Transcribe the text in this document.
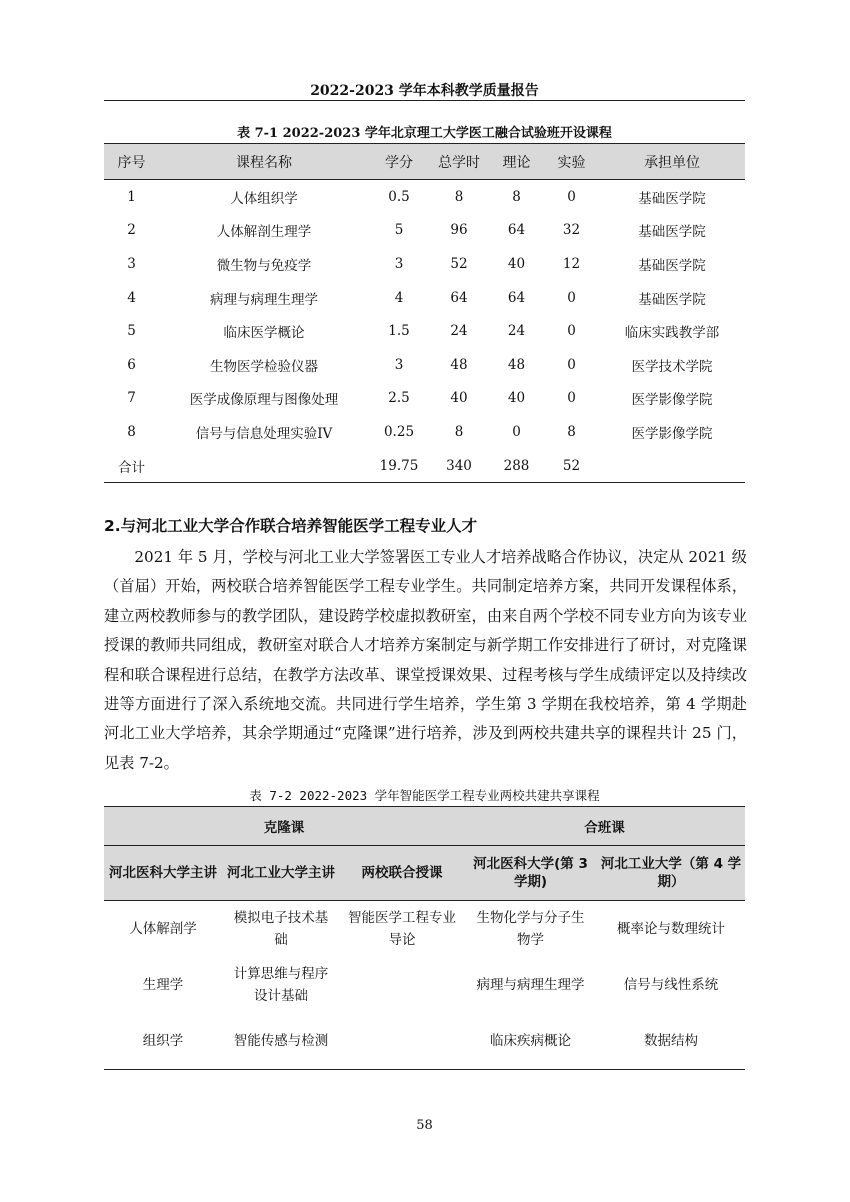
2022-2023 学年本科教学质量报告
表 7-1 2022-2023 学年北京理工大学医工融合试验班开设课程
序号	课程名称	学分	总学时	理论	实验	承担单位
1	人体组织学	0.5	8	8	0	基础医学院
2	人体解剖生理学	5	96	64	32	基础医学院
3	微生物与免疫学	3	52	40	12	基础医学院
4	病理与病理生理学	4	64	64	0	基础医学院
5	临床医学概论	1.5	24	24	0	临床实践教学部
6	生物医学检验仪器	3	48	48	0	医学技术学院
7	医学成像原理与图像处理	2.5	40	40	0	医学影像学院
8	信号与信息处理实验IV	0.25	8	0	8	医学影像学院
合计		19.75	340	288	52	
2.与河北工业大学合作联合培养智能医学工程专业人才

2021 年 5 月，学校与河北工业大学签署医工专业人才培养战略合作协议，决定从 2021 级（首届）开始，两校联合培养智能医学工程专业学生。共同制定培养方案，共同开发课程体系，建立两校教师参与的教学团队，建设跨学校虚拟教研室，由来自两个学校不同专业方向为该专业授课的教师共同组成，教研室对联合人才培养方案制定与新学期工作安排进行了研讨，对克隆课程和联合课程进行总结，在教学方法改革、课堂授课效果、过程考核与学生成绩评定以及持续改进等方面进行了深入系统地交流。共同进行学生培养，学生第 3 学期在我校培养，第 4 学期赴河北工业大学培养，其余学期通过“克隆课”进行培养，涉及到两校共建共享的课程共计 25 门，见表 7-2。

表 7-2 2022-2023 学年智能医学工程专业两校共建共享课程
克隆课			合班课	
河北医科大学主讲	河北工业大学主讲	两校联合授课	河北医科大学(第 3 学期)	河北工业大学（第 4 学期）
人体解剖学	模拟电子技术基础	智能医学工程专业导论	生物化学与分子生物学	概率论与数理统计
生理学	计算思维与程序设计基础		病理与病理生理学	信号与线性系统
组织学	智能传感与检测		临床疾病概论	数据结构
58
